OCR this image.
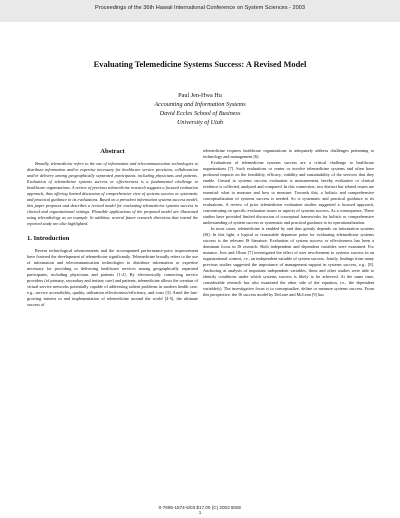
Proceedings of the 36th Hawaii International Conference on System Sciences - 2003
Evaluating Telemedicine Systems Success: A Revised Model
Paul Jen-Hwa Hu
Accounting and Information Systems
David Eccles School of Business
University of Utah
Abstract

Broadly, telemedicine refers to the use of information and telecommunication technologies to distribute information and/or expertise necessary for healthcare service provision, collaboration and/or delivery among geographically separated participants, including physicians and patients. Evaluation of telemedicine systems success or effectiveness is a fundamental challenge to healthcare organizations. A review of previous telemedicine research suggests a focused evaluation approach, thus offering limited discussion of comprehensive view of systems success or systematic and practical guidance to its evaluations. Based on a prevalent information systems success model, this paper proposes and describes a revised model for evaluating telemedicine systems success in clinical and organizational settings. Plausible applications of the proposed model are illustrated using teleradiology as an example. In addition, several future research directions that extend the reported study are also highlighted.

1. Introduction

Recent technological advancements and the accompanied performance-price improvement have fostered the development of telemedicine significantly. Telemedicine broadly refers to the use of information and telecommunication technologies to distribute information or expertise necessary for providing or delivering healthcare services among geographically separated participants, including physicians and patients [1-2]. By electronically connecting service providers (of primary, secondary and tertiary care) and patients, telemedicine allows the creation of virtual service networks potentially capable of addressing salient problems in modern health care, e.g., service accessibility, quality, utilization effectiveness/efficiency, and costs [3]. Amid the fast-growing interest in and implementation of telemedicine around the world [4-5], the ultimate success of

telemedicine requires healthcare organizations to adequately address challenges pertaining to technology and management [6].

Evaluations of telemedicine systems success are a critical challenge to healthcare organizations [7]. Such evaluations or center or involve telemedicine systems and often have profound impacts on the feasibility, efficacy, viability and sustainability of the services that they enable. Central to systems success evaluation is measurement, hereby evaluative or clinical evidence is collected, analyzed and compared. In this connection, two distinct but related issues are essential: what to measure and how to measure. Towards this, a holistic and comprehensive conceptualization of systems success is needed. So is systematic and practical guidance to its evaluations. A review of prior telemedicine evaluation studies suggested a focused approach, concentrating on specific evaluation issues or aspects of systems success. As a consequence, These studies have provided limited discussion of conceptual frameworks for holistic or comprehensive understanding of system success or systematic and practical guidance to its operationalization.

In most cases, telemedicine is enabled by and thus greatly depends on information systems (IS). In this light, a logical or reasonable departure point for evaluating telemedicine systems success is the relevant IS literature. Evaluation of system success or effectiveness has been a dominant focus in IS research. Both independent and dependent variables were examined. For instance, Ives and Olson [7] investigated the effect of user involvement to systems success in an organizational context, i.e., an independent variable of system success. Jointly, findings from many previous studies suggested the importance of management support in systems success, e.g., [8]. Anchoring at analysis of important independent variables, these and other studies were able to identify conditions under which systems success is likely to be achieved. At the same time, considerable research has also examined the other side of the equation, i.e., the dependent variable(s). The investigative focus is to conceptualize, define or measure systems success. From this perspective, the IS success model by DeLone and McLean [9] has

0-7695-1874-5/03 $17.00 (C) 2003 IEEE
1
